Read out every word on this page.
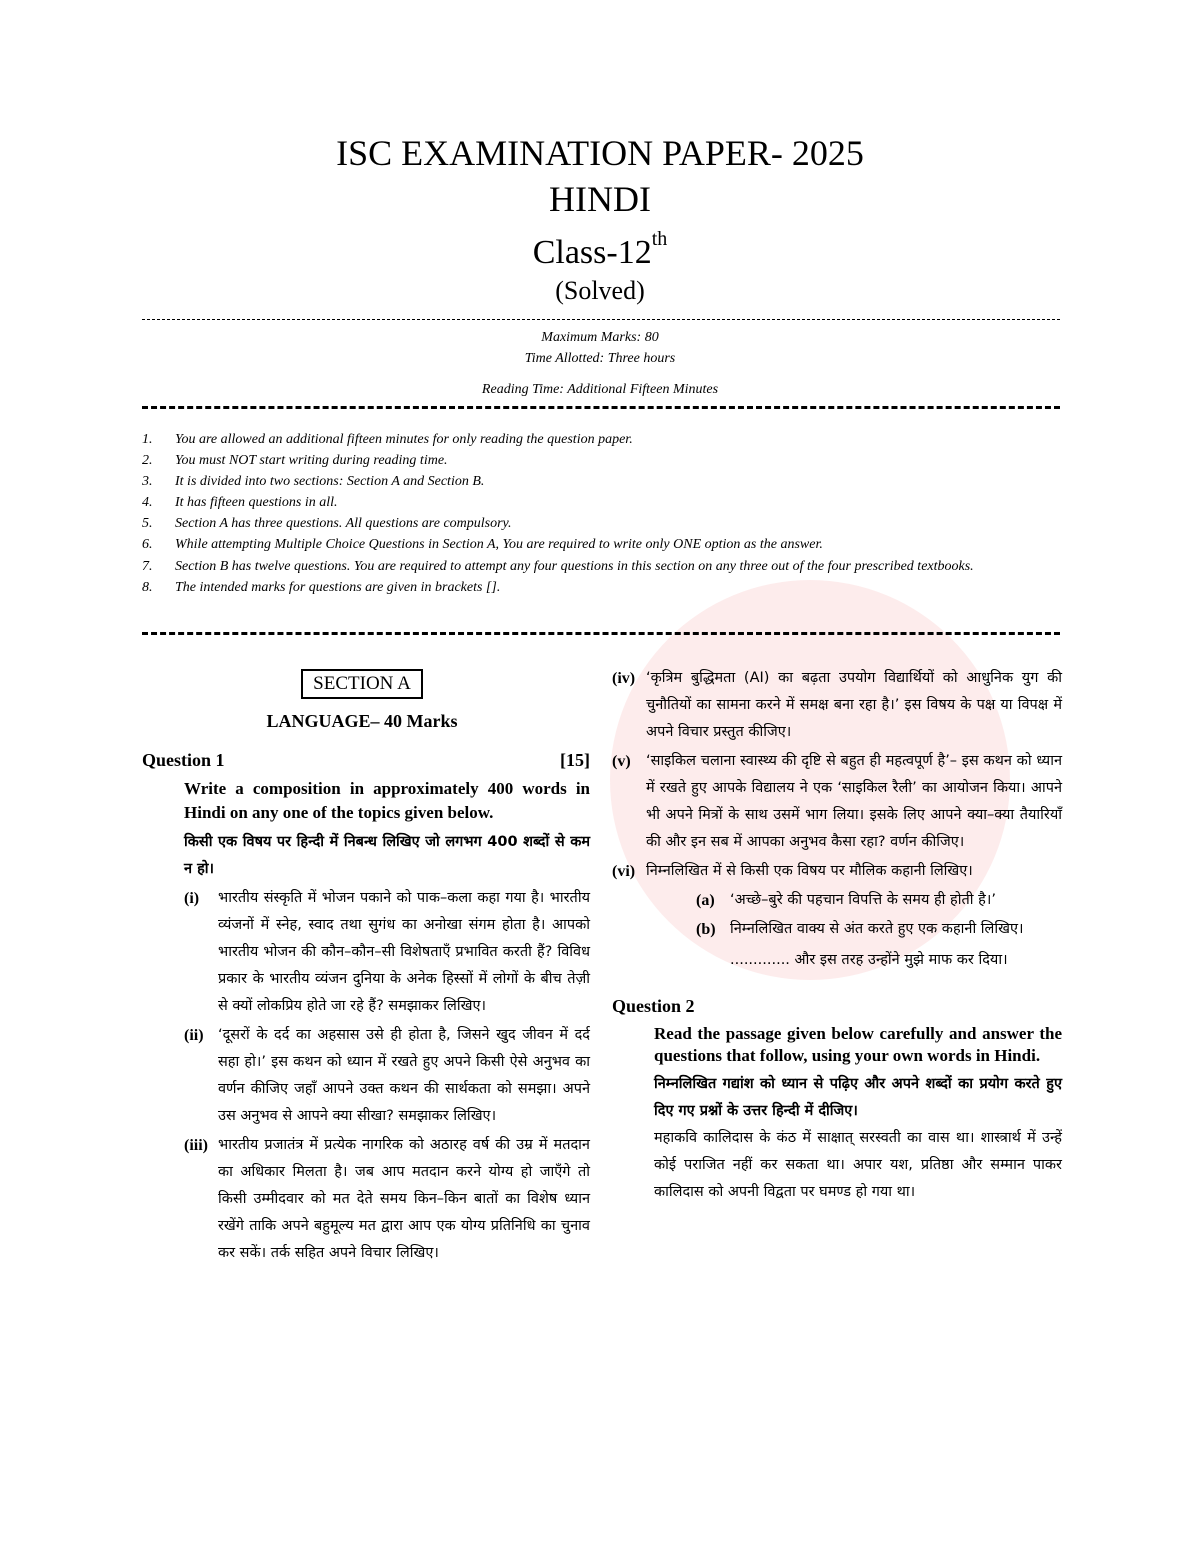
ISC EXAMINATION PAPER- 2025
HINDI
Class-12th
(Solved)
Maximum Marks: 80
Time Allotted: Three hours
Reading Time: Additional Fifteen Minutes
1.	You are allowed an additional fifteen minutes for only reading the question paper.
2.	You must NOT start writing during reading time.
3.	It is divided into two sections: Section A and Section B.
4.	It has fifteen questions in all.
5.	Section A has three questions. All questions are compulsory.
6.	While attempting Multiple Choice Questions in Section A, You are required to write only ONE option as the answer.
7.	Section B has twelve questions. You are required to attempt any four questions in this section on any three out of the four prescribed textbooks.
8.	The intended marks for questions are given in brackets [].
SECTION A
LANGUAGE– 40 Marks
Question 1	[15]
Write a composition in approximately 400 words in Hindi on any one of the topics given below.
किसी एक विषय पर हिन्दी में निबन्ध लिखिए जो लगभग 400 शब्दों से कम न हो।
(i)	भारतीय संस्कृति में भोजन पकाने को पाक–कला कहा गया है। भारतीय व्यंजनों में स्नेह, स्वाद तथा सुगंध का अनोखा संगम होता है। आपको भारतीय भोजन की कौन–कौन–सी विशेषताएँ प्रभावित करती हैं? विविध प्रकार के भारतीय व्यंजन दुनिया के अनेक हिस्सों में लोगों के बीच तेज़ी से क्यों लोकप्रिय होते जा रहे हैं? समझाकर लिखिए।
(ii) ‘दूसरों के दर्द का अहसास उसे ही होता है, जिसने खुद जीवन में दर्द सहा हो।’ इस कथन को ध्यान में रखते हुए अपने किसी ऐसे अनुभव का वर्णन कीजिए जहाँ आपने उक्त कथन की सार्थकता को समझा। अपने उस अनुभव से आपने क्या सीखा? समझाकर लिखिए।
(iii) भारतीय प्रजातंत्र में प्रत्येक नागरिक को अठारह वर्ष की उम्र में मतदान का अधिकार मिलता है। जब आप मतदान करने योग्य हो जाएँगे तो किसी उम्मीदवार को मत देते समय किन–किन बातों का विशेष ध्यान रखेंगे ताकि अपने बहुमूल्य मत द्वारा आप एक योग्य प्रतिनिधि का चुनाव कर सकें। तर्क सहित अपने विचार लिखिए।
(iv) ‘कृत्रिम बुद्धिमता (AI) का बढ़ता उपयोग विद्यार्थियों को आधुनिक युग की चुनौतियों का सामना करने में समक्ष बना रहा है।’ इस विषय के पक्ष या विपक्ष में अपने विचार प्रस्तुत कीजिए।
(v)	‘साइकिल चलाना स्वास्थ्य की दृष्टि से बहुत ही महत्वपूर्ण है’– इस कथन को ध्यान में रखते हुए आपके विद्यालय ने एक ‘साइकिल रैली’ का आयोजन किया। आपने भी अपने मित्रों के साथ उसमें भाग लिया। इसके लिए आपने क्या–क्या तैयारियाँ की और इन सब में आपका अनुभव कैसा रहा? वर्णन कीजिए।
(vi) निम्नलिखित में से किसी एक विषय पर मौलिक कहानी लिखिए।
(a)	‘अच्छे–बुरे की पहचान विपत्ति के समय ही होती है।’
(b) निम्नलिखित वाक्य से अंत करते हुए एक कहानी लिखिए।
............. और इस तरह उन्होंने मुझे माफ कर दिया।
Question 2
Read the passage given below carefully and answer the questions that follow, using your own words in Hindi.
निम्नलिखित गद्यांश को ध्यान से पढ़िए और अपने शब्दों का प्रयोग करते हुए दिए गए प्रश्नों के उत्तर हिन्दी में दीजिए।
महाकवि कालिदास के कंठ में साक्षात् सरस्वती का वास था। शास्त्रार्थ में उन्हें कोई पराजित नहीं कर सकता था। अपार यश, प्रतिष्ठा और सम्मान पाकर कालिदास को अपनी विद्वता पर घमण्ड हो गया था।
